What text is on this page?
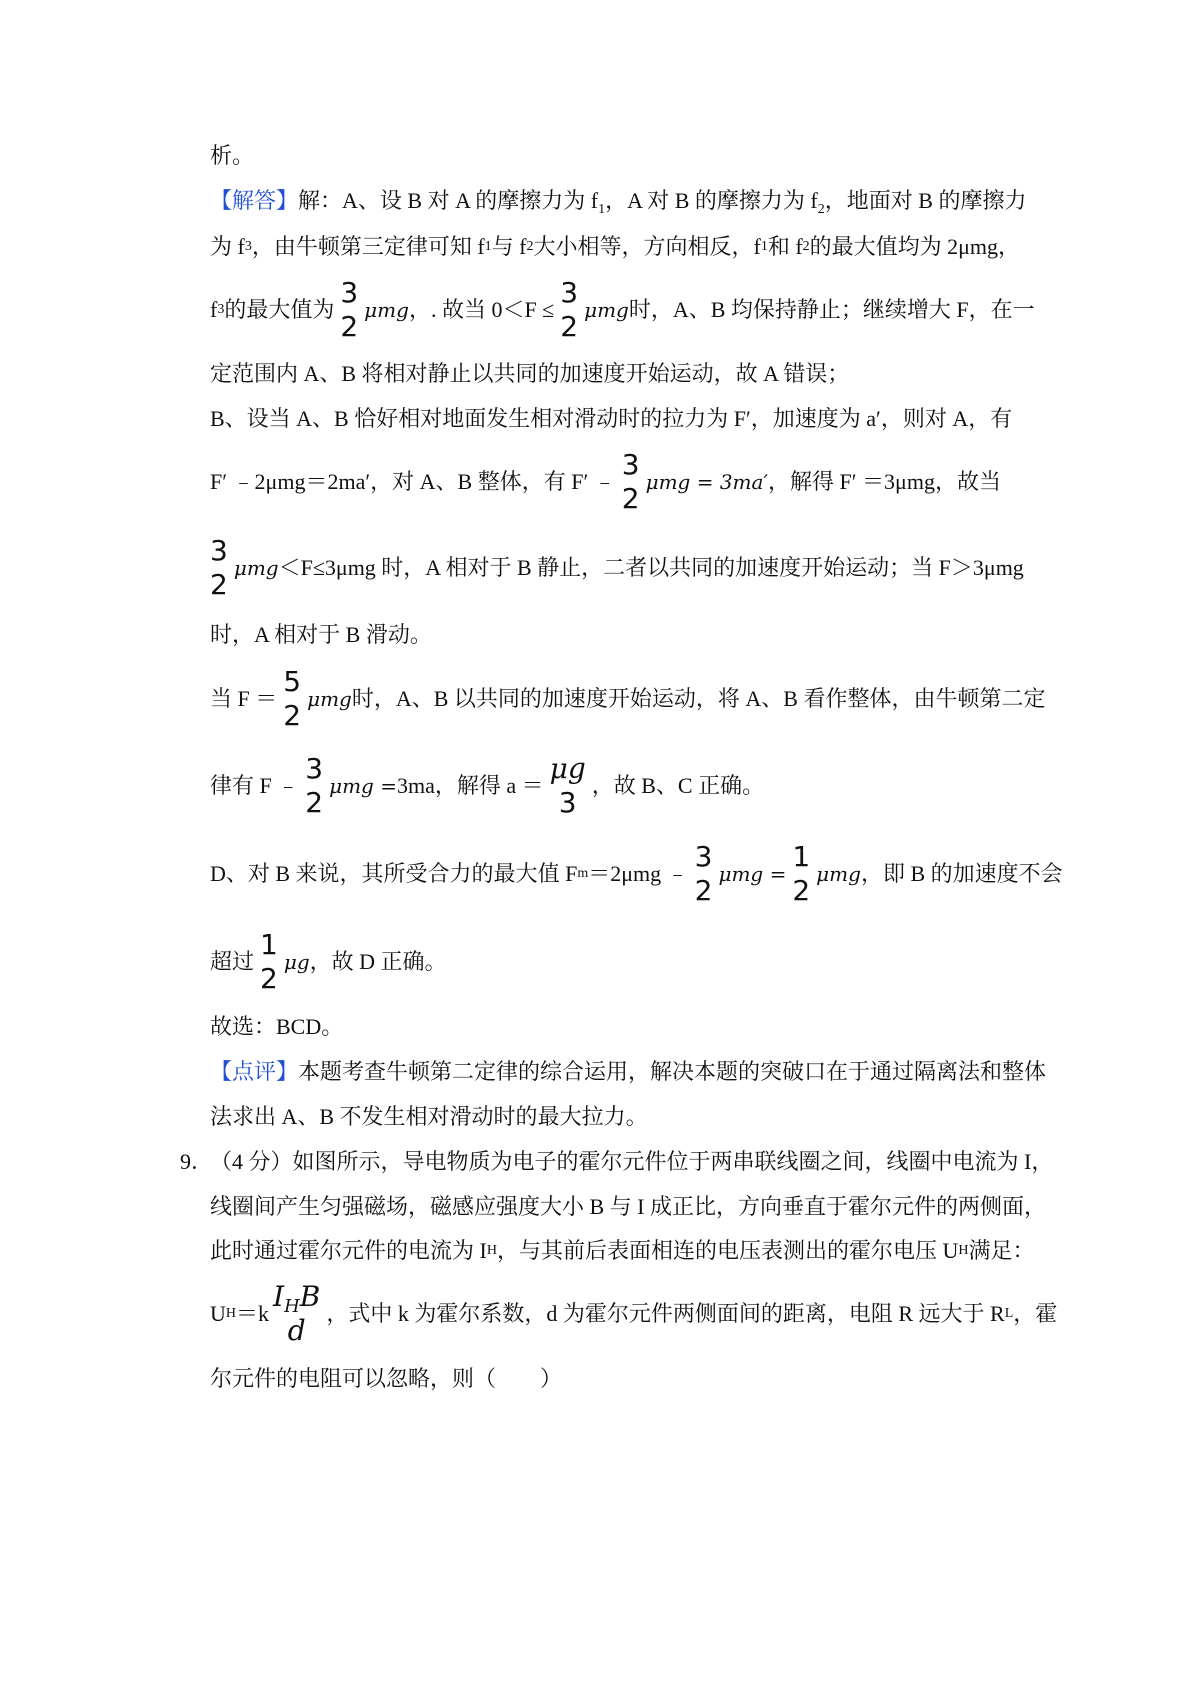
析。
【解答】解：A、设 B 对 A 的摩擦力为 $f_1$，A 对 B 的摩擦力为 $f_2$，地面对 B 的摩擦力
为 f 3 ，由牛顿第三定律可知 f 1 与 f 2 大小相等，方向相反，f 1 和 f 2 的最大值均为 2μmg，
f 3 的最大值为
3
2 μmg ，. 故当 0＜F ≤
3
2 μmg 时，A、B 均保持静止；继续增大 F，在一
定范围内 A、B 将相对静止以共同的加速度开始运动，故 A 错误；
B、设当 A、B 恰好相对地面发生相对滑动时的拉力为 F′，加速度为 a′，则对 A，有
F′ ﹣2μmg＝2ma′，对 A、B 整体，有 F′ ﹣
3
2 μmg = 3ma′ ，解得 F′ ＝3μmg，故当
3
2 μmg ＜F≤3μmg 时，A 相对于 B 静止，二者以共同的加速度开始运动；当 F＞3μmg
时，A 相对于 B 滑动。
当 F ＝
5
2 μmg 时，A、B 以共同的加速度开始运动，将 A、B 看作整体，由牛顿第二定
律有 F ﹣
3
2 μmg = 3ma，解得 a ＝
μg
3
，故 B、C 正确。
D、对 B 来说，其所受合力的最大值 F m ＝2μmg ﹣
3
2 μmg =
1
2 μmg ，即 B 的加速度不会
超过
1
2 μg ，故 D 正确。
故选：BCD。
【点评】 本题考查牛顿第二定律的综合运用，解决本题的突破口在于通过隔离法和整体
法求出 A、B 不发生相对滑动时的最大拉力。
9．
（4 分）如图所示，导电物质为电子的霍尔元件位于两串联线圈之间，线圈中电流为 I，
线圈间产生匀强磁场，磁感应强度大小 B 与 I 成正比，方向垂直于霍尔元件的两侧面，
此时通过霍尔元件的电流为 I H ，与其前后表面相连的电压表测出的霍尔电压 U H 满足：
U H ＝k
$I_HB$
d
，式中 k 为霍尔系数，d 为霍尔元件两侧面间的距离，电阻 R 远大于 R L ，霍
尔元件的电阻可以忽略，则（　　）
